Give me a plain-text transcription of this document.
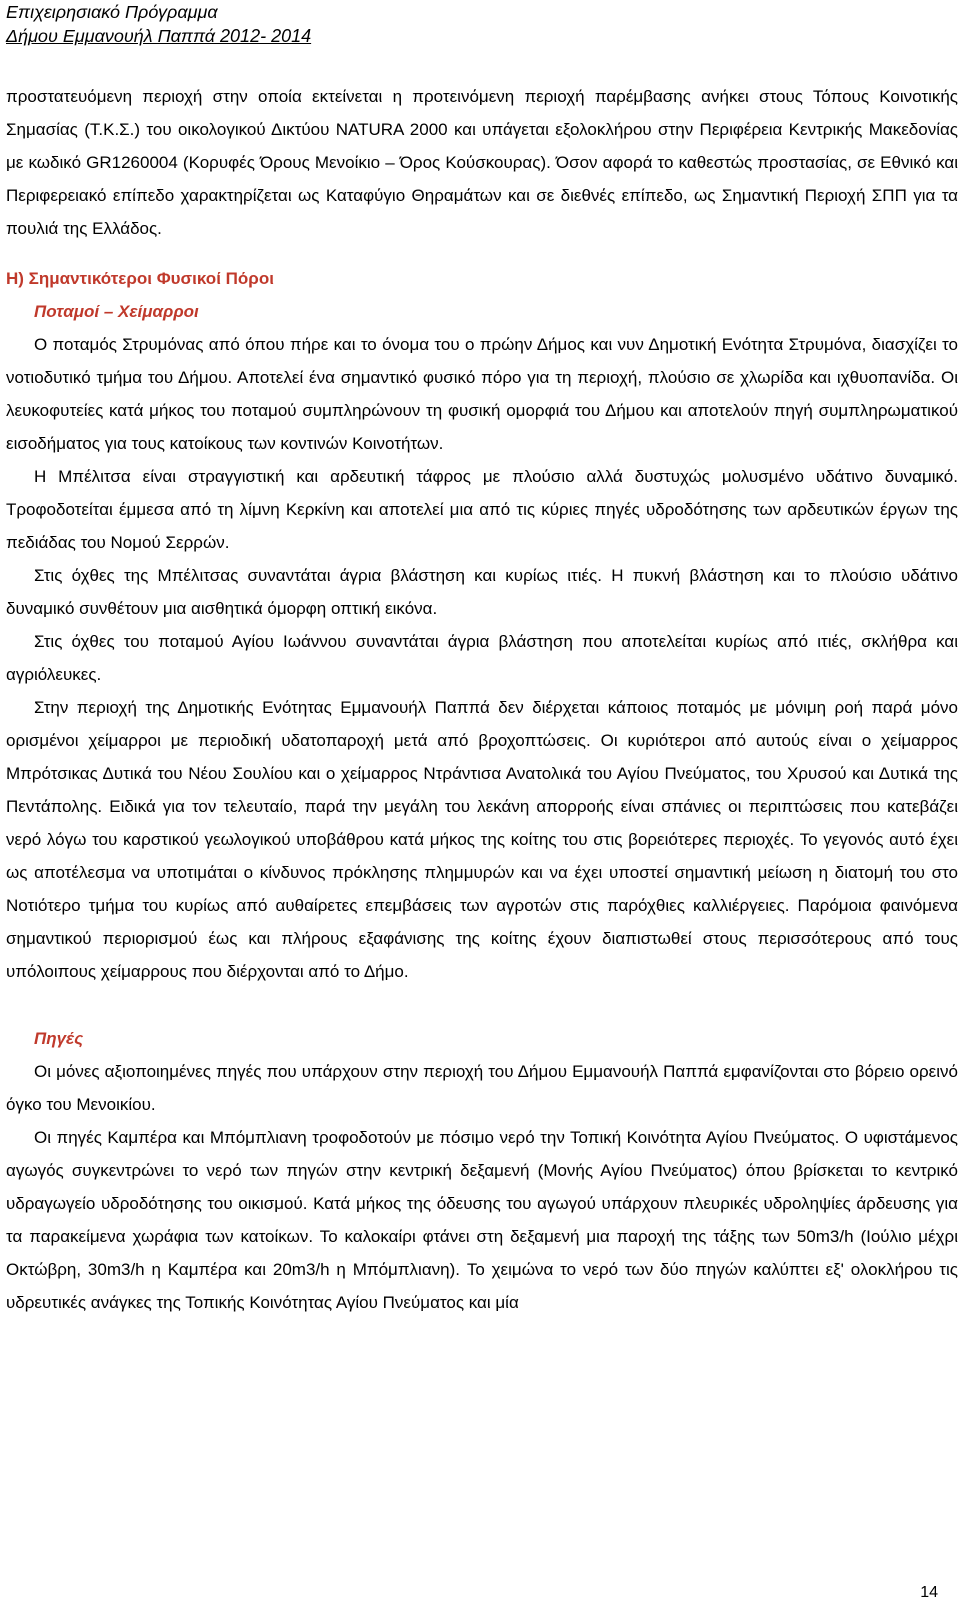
Επιχειρησιακό Πρόγραμμα
Δήμου Εμμανουήλ Παππά 2012- 2014

προστατευόμενη περιοχή στην οποία εκτείνεται η προτεινόμενη περιοχή παρέμβασης ανήκει στους Τόπους Κοινοτικής Σημασίας (Τ.Κ.Σ.) του οικολογικού Δικτύου NATURA 2000 και υπάγεται εξολοκλήρου στην Περιφέρεια Κεντρικής Μακεδονίας με κωδικό GR1260004 (Κορυφές Όρους Μενοίκιο – Όρος Κούσκουρας). Όσον αφορά το καθεστώς προστασίας, σε Εθνικό και Περιφερειακό επίπεδο χαρακτηρίζεται ως Καταφύγιο Θηραμάτων και σε διεθνές επίπεδο, ως Σημαντική Περιοχή ΣΠΠ για τα πουλιά της Ελλάδος.

Η) Σημαντικότεροι Φυσικοί Πόροι

Ποταμοί – Χείμαρροι

Ο ποταμός Στρυμόνας από όπου πήρε και το όνομα του ο πρώην Δήμος και νυν Δημοτική Ενότητα Στρυμόνα, διασχίζει το νοτιοδυτικό τμήμα του Δήμου. Αποτελεί ένα σημαντικό φυσικό πόρο για τη περιοχή, πλούσιο σε χλωρίδα και ιχθυοπανίδα. Οι λευκοφυτείες κατά μήκος του ποταμού συμπληρώνουν τη φυσική ομορφιά του Δήμου και αποτελούν πηγή συμπληρωματικού εισοδήματος για τους κατοίκους των κοντινών Κοινοτήτων.

Η Μπέλιτσα είναι στραγγιστική και αρδευτική τάφρος με πλούσιο αλλά δυστυχώς μολυσμένο υδάτινο δυναμικό. Τροφοδοτείται έμμεσα από τη λίμνη Κερκίνη και αποτελεί μια από τις κύριες πηγές υδροδότησης των αρδευτικών έργων της πεδιάδας του Νομού Σερρών.

Στις όχθες της Μπέλιτσας συναντάται άγρια βλάστηση και κυρίως ιτιές. Η πυκνή βλάστηση και το πλούσιο υδάτινο δυναμικό συνθέτουν μια αισθητικά όμορφη οπτική εικόνα.

Στις όχθες του ποταμού Αγίου Ιωάννου συναντάται άγρια βλάστηση που αποτελείται κυρίως από ιτιές, σκλήθρα και αγριόλευκες.

Στην περιοχή της Δημοτικής Ενότητας Εμμανουήλ Παππά δεν διέρχεται κάποιος ποταμός με μόνιμη ροή παρά μόνο ορισμένοι χείμαρροι με περιοδική υδατοπαροχή μετά από βροχοπτώσεις. Οι κυριότεροι από αυτούς είναι ο χείμαρρος Μπρότσικας Δυτικά του Νέου Σουλίου και ο χείμαρρος Ντράντισα Ανατολικά του Αγίου Πνεύματος, του Χρυσού και Δυτικά της Πεντάπολης. Ειδικά για τον τελευταίο, παρά την μεγάλη του λεκάνη απορροής είναι σπάνιες οι περιπτώσεις που κατεβάζει νερό λόγω του καρστικού γεωλογικού υποβάθρου κατά μήκος της κοίτης του στις βορειότερες περιοχές. Το γεγονός αυτό έχει ως αποτέλεσμα να υποτιμάται ο κίνδυνος πρόκλησης πλημμυρών και να έχει υποστεί σημαντική μείωση η διατομή του στο Νοτιότερο τμήμα του κυρίως από αυθαίρετες επεμβάσεις των αγροτών στις παρόχθιες καλλιέργειες. Παρόμοια φαινόμενα σημαντικού περιορισμού έως και πλήρους εξαφάνισης της κοίτης έχουν διαπιστωθεί στους περισσότερους από τους υπόλοιπους χείμαρρους που διέρχονται από το Δήμο.

Πηγές

Οι μόνες αξιοποιημένες πηγές που υπάρχουν στην περιοχή του Δήμου Εμμανουήλ Παππά εμφανίζονται στο βόρειο ορεινό όγκο του Μενοικίου.

Οι πηγές Καμπέρα και Μπόμπλιανη τροφοδοτούν με πόσιμο νερό την Τοπική Κοινότητα Αγίου Πνεύματος. Ο υφιστάμενος αγωγός συγκεντρώνει το νερό των πηγών στην κεντρική δεξαμενή (Μονής Αγίου Πνεύματος) όπου βρίσκεται το κεντρικό υδραγωγείο υδροδότησης του οικισμού. Κατά μήκος της όδευσης του αγωγού υπάρχουν πλευρικές υδροληψίες άρδευσης για τα παρακείμενα χωράφια των κατοίκων. Το καλοκαίρι φτάνει στη δεξαμενή μια παροχή της τάξης των 50m3/h (Ιούλιο μέχρι Οκτώβρη, 30m3/h η Καμπέρα και 20m3/h η Μπόμπλιανη). Το χειμώνα το νερό των δύο πηγών καλύπτει εξ' ολοκλήρου τις υδρευτικές ανάγκες της Τοπικής Κοινότητας Αγίου Πνεύματος και μία

14
